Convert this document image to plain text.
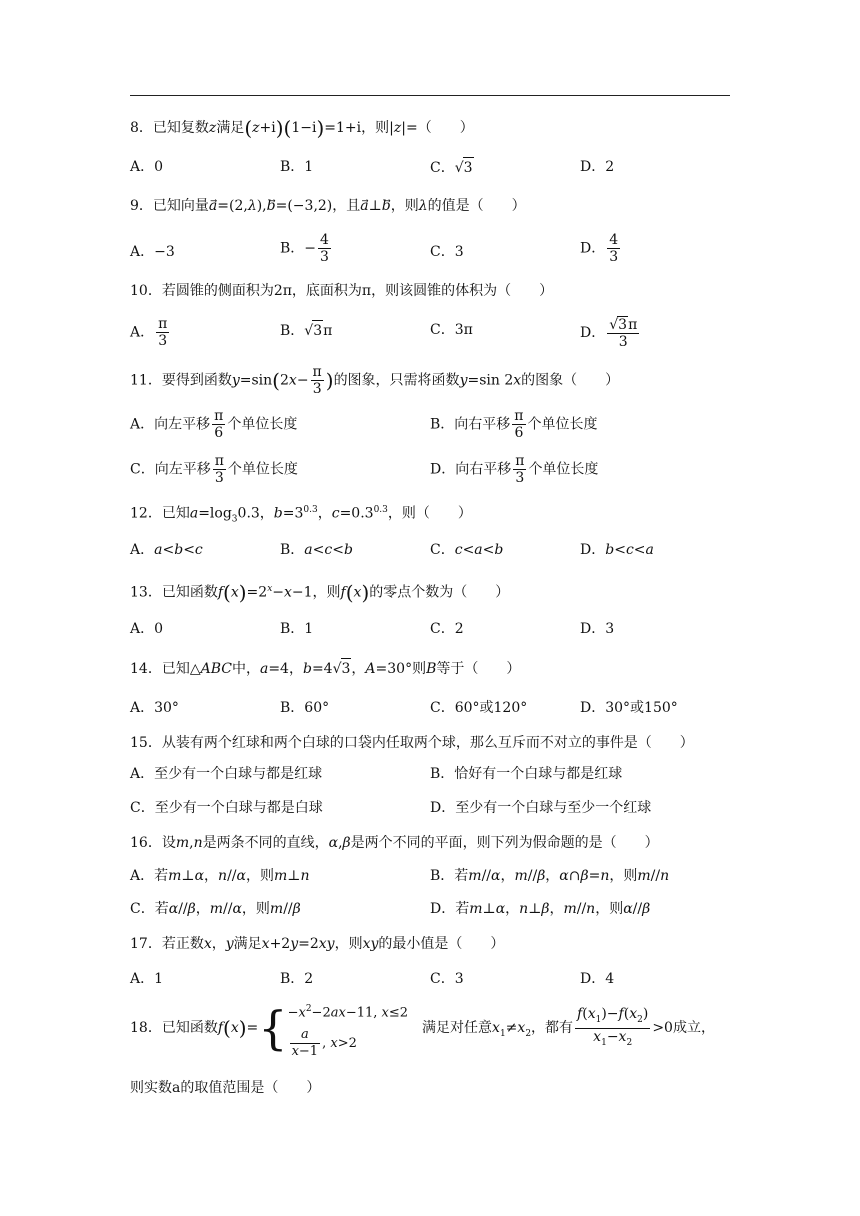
8．已知复数z满足(z+i)(1−i)=1+i，则|z|=（　　）
A．0	B．1	C．√3	D．2
9．已知向量a⃗=(2,λ),b⃗=(−3,2)，且a⃗⊥b⃗，则λ的值是（　　）
A．−3	B．− $\frac{4}{3}$	C．3	D． $\frac{4}{3}$
10．若圆锥的侧面积为2π，底面积为π，则该圆锥的体积为（　　）
A． $\frac{\pi}{3}$	B．√3π	C．3π	D． $\frac{√3\pi}{3}$
11．要得到函数$y=\sin(2x- \frac{\pi}{3}$ )的图象，只需将函数y=sin 2x的图象（　　）
A．向左平移 $\frac{\pi}{6}$ 个单位长度	B．向右平移 $\frac{\pi}{6}$ 个单位长度
C．向左平移 $\frac{\pi}{3}$ 个单位长度	D．向右平移 $\frac{\pi}{3}$ 个单位长度
12．已知$a=\log_30.3$，$b=3^{0.3}$，$c=0.3^{0.3}$，则（　　）
A．a<b<c	B．a<c<b	C．c<a<b	D．b<c<a
13．已知函数$f(x)=2^x-x-1$，则f(x)的零点个数为（　　）
A．0	B．1	C．2	D．3
14．已知△ABC中，a=4，b=4√3，A=30°则B等于（　　）
A．30°	B．60°	C．60°或120°	D．30°或150°
15．从装有两个红球和两个白球的口袋内任取两个球，那么互斥而不对立的事件是（　　）
A．至少有一个白球与都是红球	B．恰好有一个白球与都是红球
C．至少有一个白球与都是白球	D．至少有一个白球与至少一个红球
16．设m,n是两条不同的直线，α,β是两个不同的平面，则下列为假命题的是（　　）
A．若m⊥α，n//α，则m⊥n	B．若m//α，m//β，α∩β=n，则m//n
C．若α//β，m//α，则m//β	D．若m⊥α，n⊥β，m//n，则α//β
17．若正数x，y满足x+2y=2xy，则xy的最小值是（　　）
A．1	B．2	C．3	D．4
18．已知函数$f(x)=\{ -x^2-2ax-11$, x≤2
$\frac{a}{x-1}$ , x>2
　满足对任意$x_1\ne x_2$，都有 $\frac{f(x_1)-f(x_2)}{x_1-x_2} >0$成立，
则实数a的取值范围是（　　）
